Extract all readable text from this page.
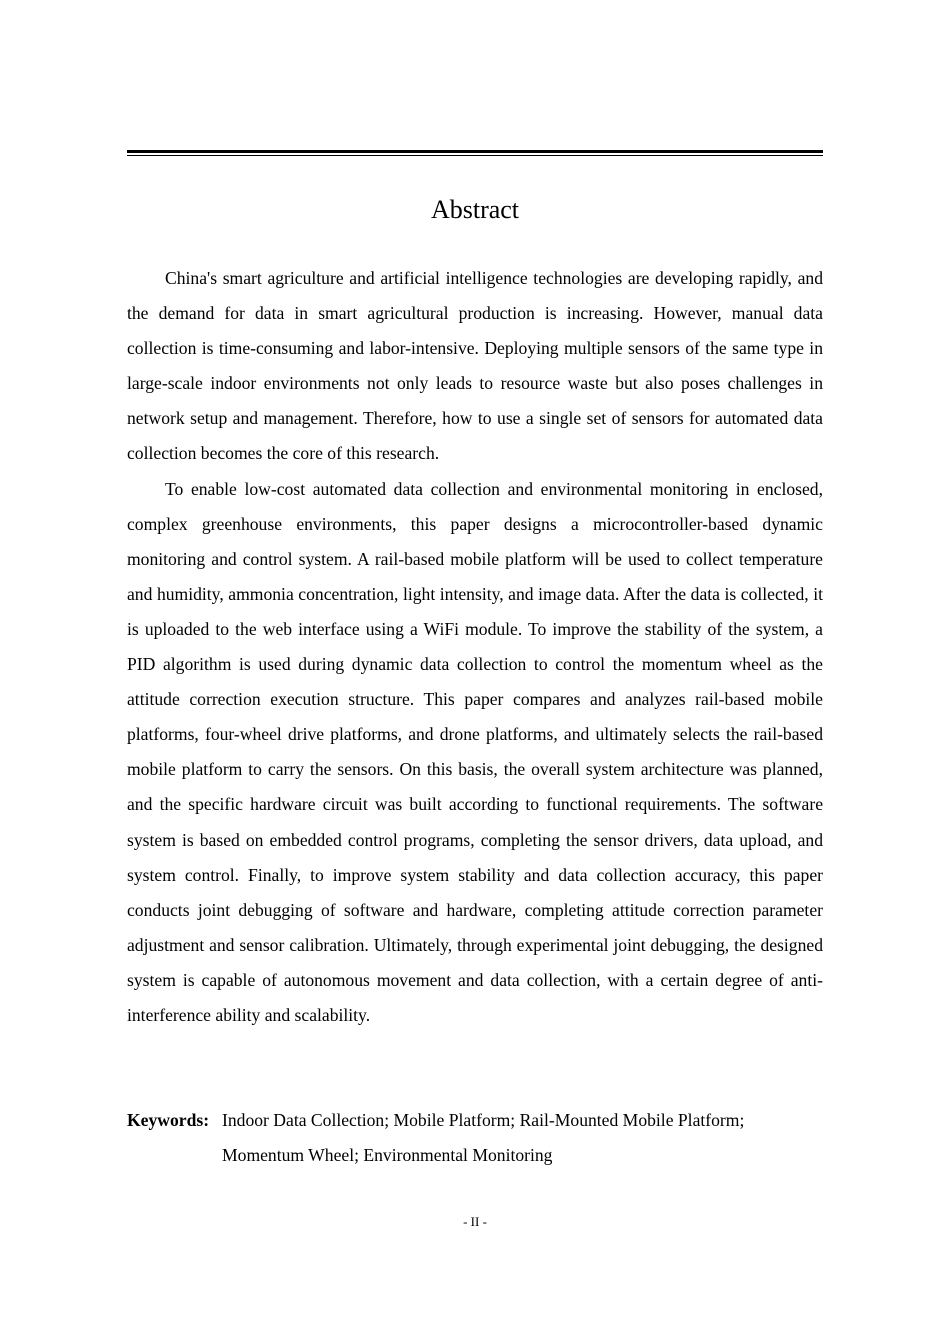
Abstract

China's smart agriculture and artificial intelligence technologies are developing rapidly, and the demand for data in smart agricultural production is increasing. However, manual data collection is time-consuming and labor-intensive. Deploying multiple sensors of the same type in large-scale indoor environments not only leads to resource waste but also poses challenges in network setup and management. Therefore, how to use a single set of sensors for automated data collection becomes the core of this research.

To enable low-cost automated data collection and environmental monitoring in enclosed, complex greenhouse environments, this paper designs a microcontroller-based dynamic monitoring and control system. A rail-based mobile platform will be used to collect temperature and humidity, ammonia concentration, light intensity, and image data. After the data is collected, it is uploaded to the web interface using a WiFi module. To improve the stability of the system, a PID algorithm is used during dynamic data collection to control the momentum wheel as the attitude correction execution structure. This paper compares and analyzes rail-based mobile platforms, four-wheel drive platforms, and drone platforms, and ultimately selects the rail-based mobile platform to carry the sensors. On this basis, the overall system architecture was planned, and the specific hardware circuit was built according to functional requirements. The software system is based on embedded control programs, completing the sensor drivers, data upload, and system control. Finally, to improve system stability and data collection accuracy, this paper conducts joint debugging of software and hardware, completing attitude correction parameter adjustment and sensor calibration. Ultimately, through experimental joint debugging, the designed system is capable of autonomous movement and data collection, with a certain degree of anti-interference ability and scalability.

Keywords: Indoor Data Collection; Mobile Platform; Rail-Mounted Mobile Platform;
Momentum Wheel; Environmental Monitoring
- II -
